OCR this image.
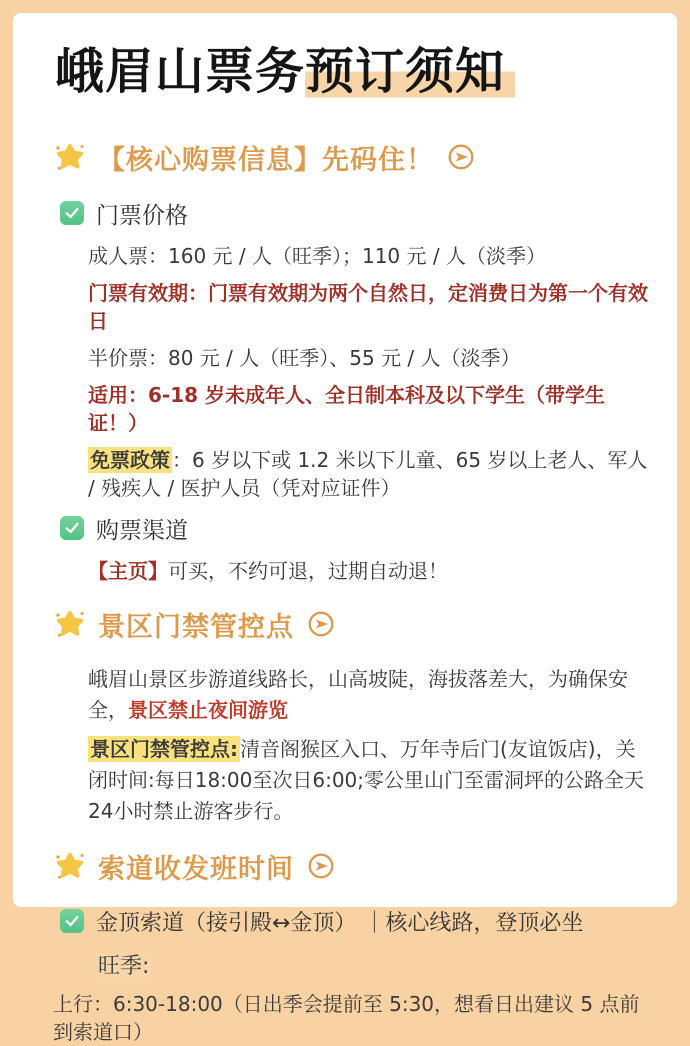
峨眉山票务预订须知
【核心购票信息】先码住！
门票价格
成人票：160 元 / 人（旺季）；110 元 / 人（淡季）
门票有效期：门票有效期为两个自然日，定消费日为第一个有效日
半价票：80 元 / 人（旺季）、55 元 / 人（淡季）
适用：6-18 岁未成年人、全日制本科及以下学生（带学生证！）
免票政策 ：6 岁以下或 1.2 米以下儿童、65 岁以上老人、军人 / 残疾人 / 医护人员（凭对应证件）
购票渠道
【主页】可买，不约可退，过期自动退！
景区门禁管控点

峨眉山景区步游道线路长，山高坡陡，海拔落差大，为确保安全，景区禁止夜间游览

景区门禁管控点: 清音阁猴区入口、万年寺后门(友谊饭店)，关闭时间:每日18:00至次日6:00;零公里山门至雷洞坪的公路全天24小时禁止游客步行。

索道收发班时间
金顶索道（接引殿↔金顶） ｜核心线路，登顶必坐
旺季:
上行：6:30-18:00（日出季会提前至 5:30，想看日出建议 5 点前到索道口）
